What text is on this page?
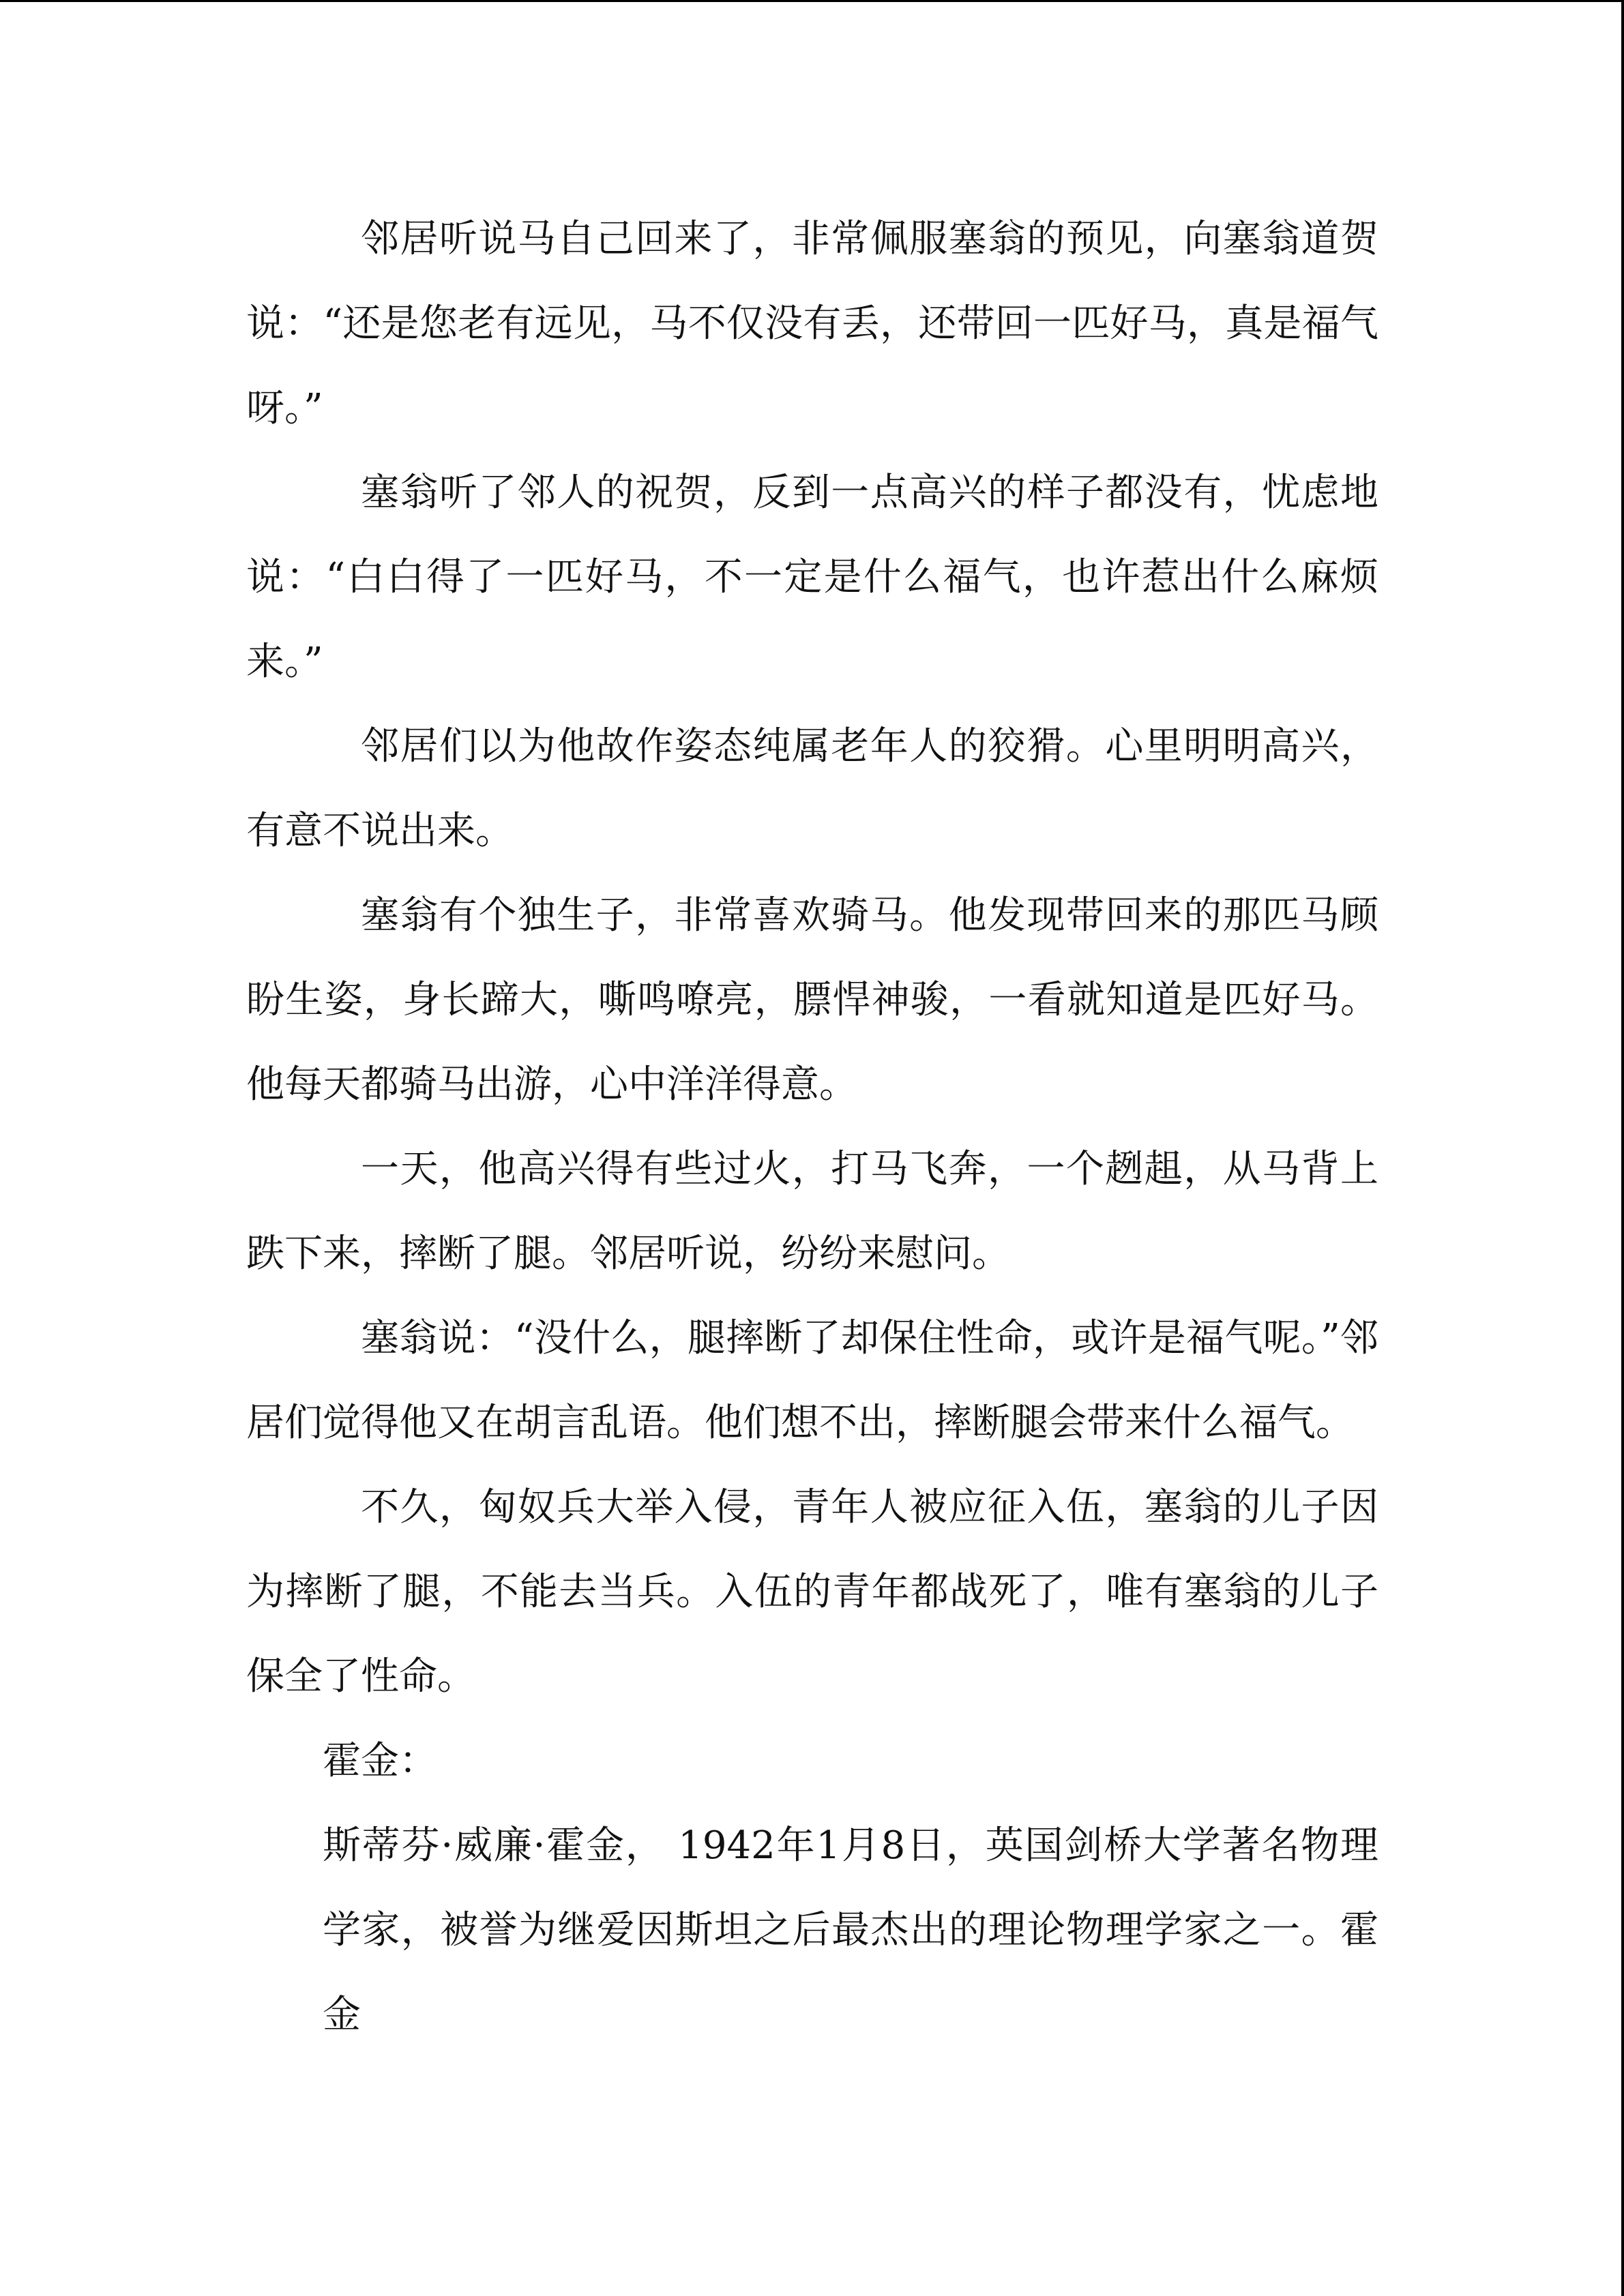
邻居听说马自己回来了，非常佩服塞翁的预见，向塞翁道贺说：“还是您老有远见，马不仅没有丢，还带回一匹好马，真是福气呀。”

塞翁听了邻人的祝贺，反到一点高兴的样子都没有，忧虑地说：“白白得了一匹好马，不一定是什么福气，也许惹出什么麻烦来。”

邻居们以为他故作姿态纯属老年人的狡猾。心里明明高兴，有意不说出来。

塞翁有个独生子，非常喜欢骑马。他发现带回来的那匹马顾盼生姿，身长蹄大，嘶鸣嘹亮，膘悍神骏，一看就知道是匹好马。他每天都骑马出游，心中洋洋得意。

一天，他高兴得有些过火，打马飞奔，一个趔趄，从马背上跌下来，摔断了腿。邻居听说，纷纷来慰问。

塞翁说：“没什么，腿摔断了却保住性命，或许是福气呢。”邻居们觉得他又在胡言乱语。他们想不出，摔断腿会带来什么福气。

不久，匈奴兵大举入侵，青年人被应征入伍，塞翁的儿子因为摔断了腿，不能去当兵。入伍的青年都战死了，唯有塞翁的儿子保全了性命。

霍金：

斯蒂芬·威廉·霍金， 1942年1月8日，英国剑桥大学著名物理学家，被誉为继爱因斯坦之后最杰出的理论物理学家之一。霍金
